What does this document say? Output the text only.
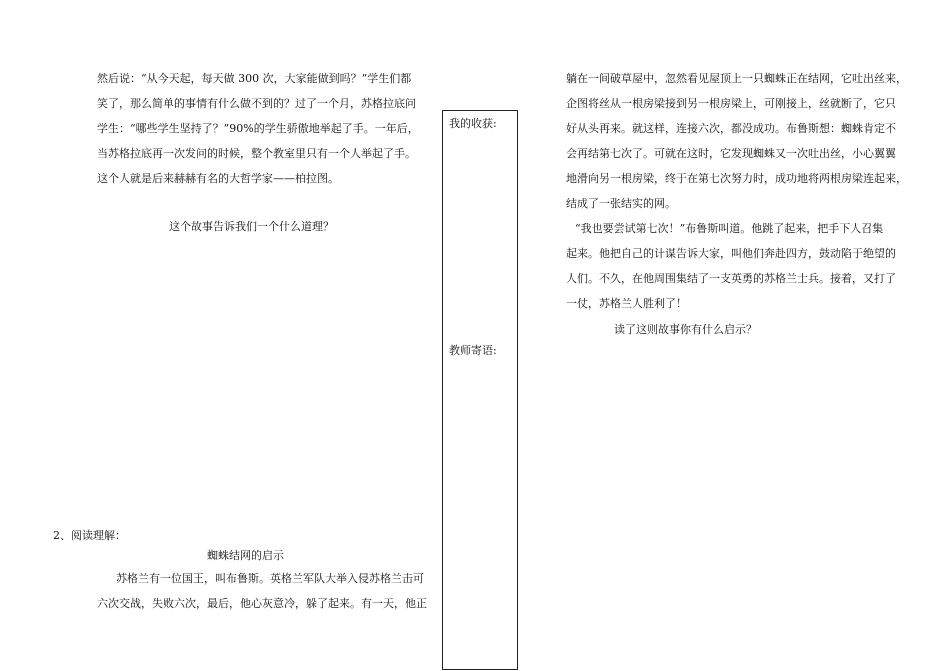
然后说：“从今天起，每天做 300 次，大家能做到吗？”学生们都
笑了，那么简单的事情有什么做不到的？过了一个月，苏格拉底问
学生：“哪些学生坚持了？”90%的学生骄傲地举起了手。一年后，
当苏格拉底再一次发问的时候，整个教室里只有一个人举起了手。
这个人就是后来赫赫有名的大哲学家——柏拉图。

这个故事告诉我们一个什么道理？

2、阅读理解：

蜘蛛结网的启示

苏格兰有一位国王，叫布鲁斯。英格兰军队大举入侵苏格兰击可
六次交战，失败六次，最后，他心灰意冷，躲了起来。有一天，他正
我的收获:
教师寄语:
躺在一间破草屋中，忽然看见屋顶上一只蜘蛛正在结网，它吐出丝来，
企图将丝从一根房梁接到另一根房梁上，可刚接上，丝就断了，它只
好从头再来。就这样，连接六次，都没成功。布鲁斯想：蜘蛛肯定不
会再结第七次了。可就在这时，它发现蜘蛛又一次吐出丝，小心翼翼
地滑向另一根房梁，终于在第七次努力时，成功地将两根房梁连起来，
结成了一张结实的网。
“我也要尝试第七次！”布鲁斯叫道。他跳了起来，把手下人召集
起来。他把自己的计谋告诉大家，叫他们奔赴四方，鼓动陷于绝望的
人们。不久，在他周围集结了一支英勇的苏格兰士兵。接着，又打了
一仗，苏格兰人胜利了！

读了这则故事你有什么启示？
